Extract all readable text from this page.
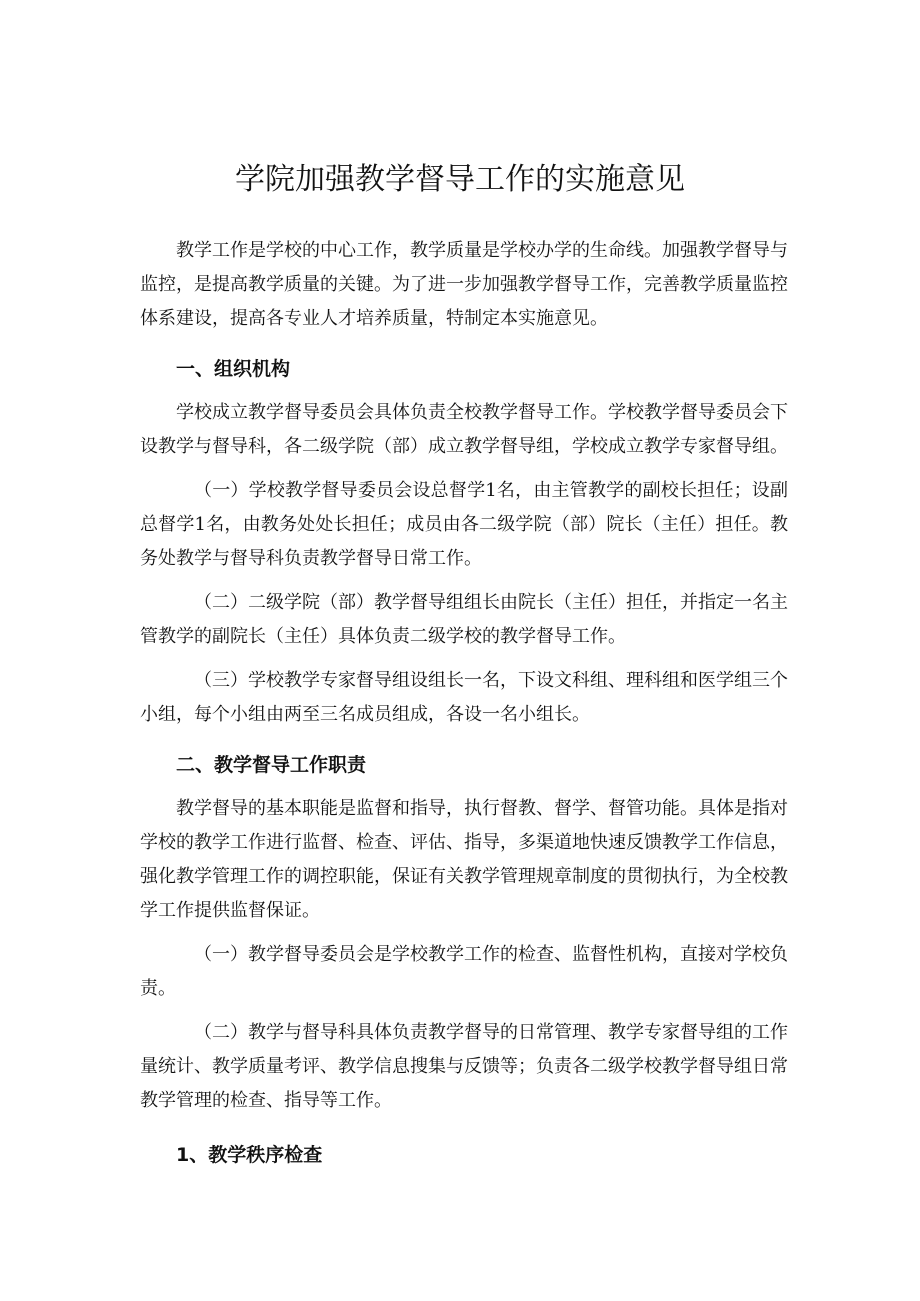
学院加强教学督导工作的实施意见

教学工作是学校的中心工作，教学质量是学校办学的生命线。加强教学督导与监控，是提高教学质量的关键。为了进一步加强教学督导工作，完善教学质量监控体系建设，提高各专业人才培养质量，特制定本实施意见。

一、组织机构

学校成立教学督导委员会具体负责全校教学督导工作。学校教学督导委员会下设教学与督导科，各二级学院（部）成立教学督导组，学校成立教学专家督导组。

（一）学校教学督导委员会设总督学1名，由主管教学的副校长担任；设副总督学1名，由教务处处长担任；成员由各二级学院（部）院长（主任）担任。教务处教学与督导科负责教学督导日常工作。

（二）二级学院（部）教学督导组组长由院长（主任）担任，并指定一名主管教学的副院长（主任）具体负责二级学校的教学督导工作。

（三）学校教学专家督导组设组长一名，下设文科组、理科组和医学组三个小组，每个小组由两至三名成员组成，各设一名小组长。

二、教学督导工作职责

教学督导的基本职能是监督和指导，执行督教、督学、督管功能。具体是指对学校的教学工作进行监督、检查、评估、指导，多渠道地快速反馈教学工作信息，强化教学管理工作的调控职能，保证有关教学管理规章制度的贯彻执行，为全校教学工作提供监督保证。

（一）教学督导委员会是学校教学工作的检查、监督性机构，直接对学校负责。

（二）教学与督导科具体负责教学督导的日常管理、教学专家督导组的工作量统计、教学质量考评、教学信息搜集与反馈等；负责各二级学校教学督导组日常教学管理的检查、指导等工作。

1、教学秩序检查
